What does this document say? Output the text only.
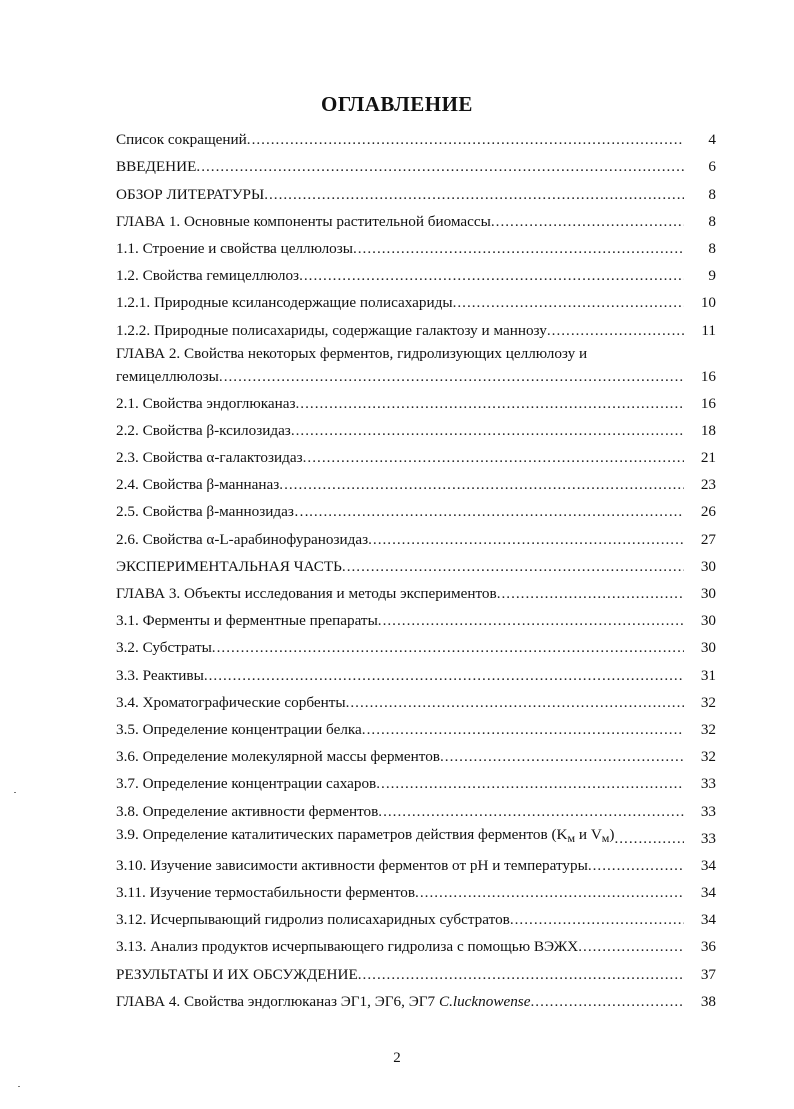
ОГЛАВЛЕНИЕ
Список сокращений .....	4
ВВЕДЕНИЕ .....	6
ОБЗОР ЛИТЕРАТУРЫ .....	8
ГЛАВА 1. Основные компоненты растительной биомассы .....	8
1.1. Строение и свойства целлюлозы .....	8
1.2. Свойства гемицеллюлоз .....	9
1.2.1. Природные ксилансодержащие полисахариды .....	10
1.2.2. Природные полисахариды, содержащие галактозу и маннозу .....	11
ГЛАВА 2. Свойства некоторых ферментов, гидролизующих целлюлозу и
гемицеллюлозы .....	16
2.1. Свойства эндоглюканаз .....	16
2.2. Свойства β-ксилозидаз .....	18
2.3. Свойства α-галактозидаз .....	21
2.4. Свойства β-маннаназ .....	23
2.5. Свойства β-маннозидаз… .....	26
2.6. Свойства α-L-арабинофуранозидаз .....	27
ЭКСПЕРИМЕНТАЛЬНАЯ ЧАСТЬ .....	30
ГЛАВА 3. Объекты исследования и методы экспериментов .....	30
3.1. Ферменты и ферментные препараты .....	30
3.2. Субстраты .....	30
3.3. Реактивы .....	31
3.4. Хроматографические сорбенты .....	32
3.5. Определение концентрации белка .....	32
3.6. Определение молекулярной массы ферментов .....	32
3.7. Определение концентрации сахаров .....	33
3.8. Определение активности ферментов .....	33
3.9. Определение каталитических параметров действия ферментов ($K_м$ и $V_м$) .....	33
3.10. Изучение зависимости активности ферментов от pH и температуры .....	34
3.11. Изучение термостабильности ферментов .....	34
3.12. Исчерпывающий гидролиз полисахаридных субстратов .....	34
3.13. Анализ продуктов исчерпывающего гидролиза с помощью ВЭЖХ .....	36
РЕЗУЛЬТАТЫ И ИХ ОБСУЖДЕНИЕ .....	37
ГЛАВА 4. Свойства эндоглюканаз ЭГ1, ЭГ6, ЭГ7 C.lucknowense .....	38
2
